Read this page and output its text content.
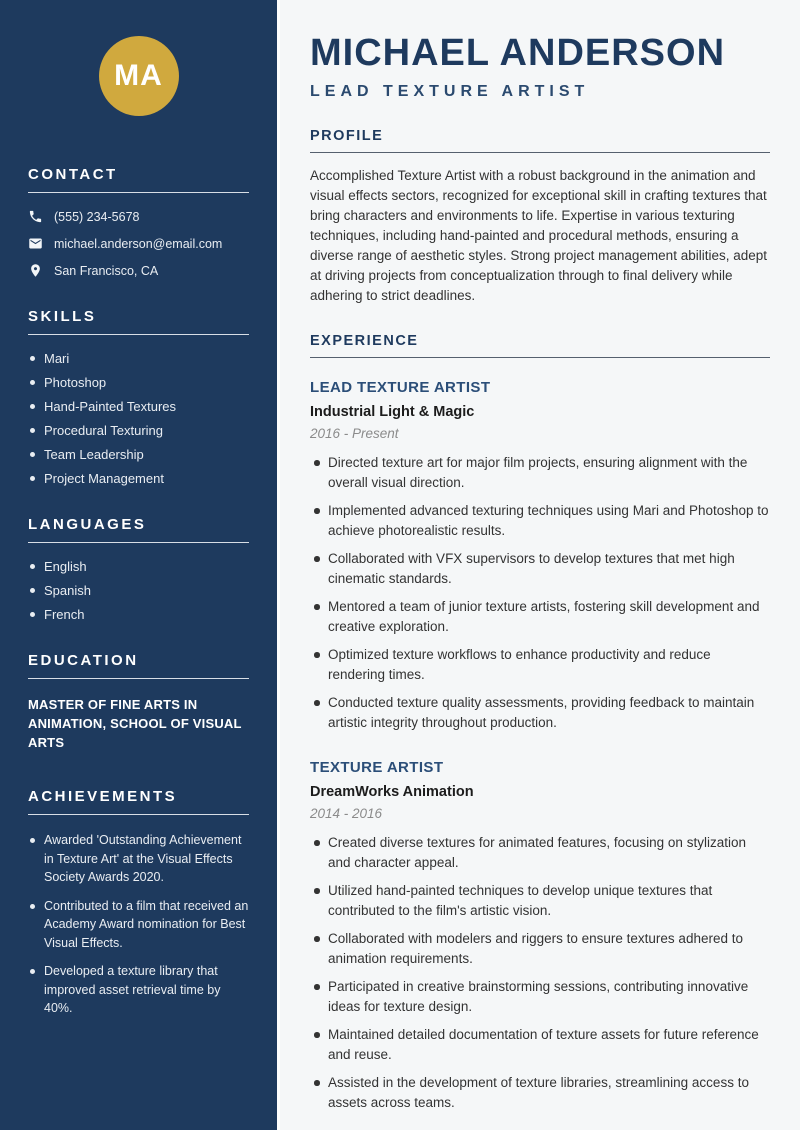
MA
CONTACT
(555) 234-5678
michael.anderson@email.com
San Francisco, CA
SKILLS
Mari
Photoshop
Hand-Painted Textures
Procedural Texturing
Team Leadership
Project Management
LANGUAGES
English
Spanish
French
EDUCATION
MASTER OF FINE ARTS IN ANIMATION, SCHOOL OF VISUAL ARTS
ACHIEVEMENTS
Awarded 'Outstanding Achievement in Texture Art' at the Visual Effects Society Awards 2020.
Contributed to a film that received an Academy Award nomination for Best Visual Effects.
Developed a texture library that improved asset retrieval time by 40%.
MICHAEL ANDERSON
LEAD TEXTURE ARTIST
PROFILE

Accomplished Texture Artist with a robust background in the animation and visual effects sectors, recognized for exceptional skill in crafting textures that bring characters and environments to life. Expertise in various texturing techniques, including hand-painted and procedural methods, ensuring a diverse range of aesthetic styles. Strong project management abilities, adept at driving projects from conceptualization through to final delivery while adhering to strict deadlines.

EXPERIENCE
LEAD TEXTURE ARTIST
Industrial Light & Magic
2016 - Present
Directed texture art for major film projects, ensuring alignment with the overall visual direction.
Implemented advanced texturing techniques using Mari and Photoshop to achieve photorealistic results.
Collaborated with VFX supervisors to develop textures that met high cinematic standards.
Mentored a team of junior texture artists, fostering skill development and creative exploration.
Optimized texture workflows to enhance productivity and reduce rendering times.
Conducted texture quality assessments, providing feedback to maintain artistic integrity throughout production.
TEXTURE ARTIST
DreamWorks Animation
2014 - 2016
Created diverse textures for animated features, focusing on stylization and character appeal.
Utilized hand-painted techniques to develop unique textures that contributed to the film's artistic vision.
Collaborated with modelers and riggers to ensure textures adhered to animation requirements.
Participated in creative brainstorming sessions, contributing innovative ideas for texture design.
Maintained detailed documentation of texture assets for future reference and reuse.
Assisted in the development of texture libraries, streamlining access to assets across teams.
